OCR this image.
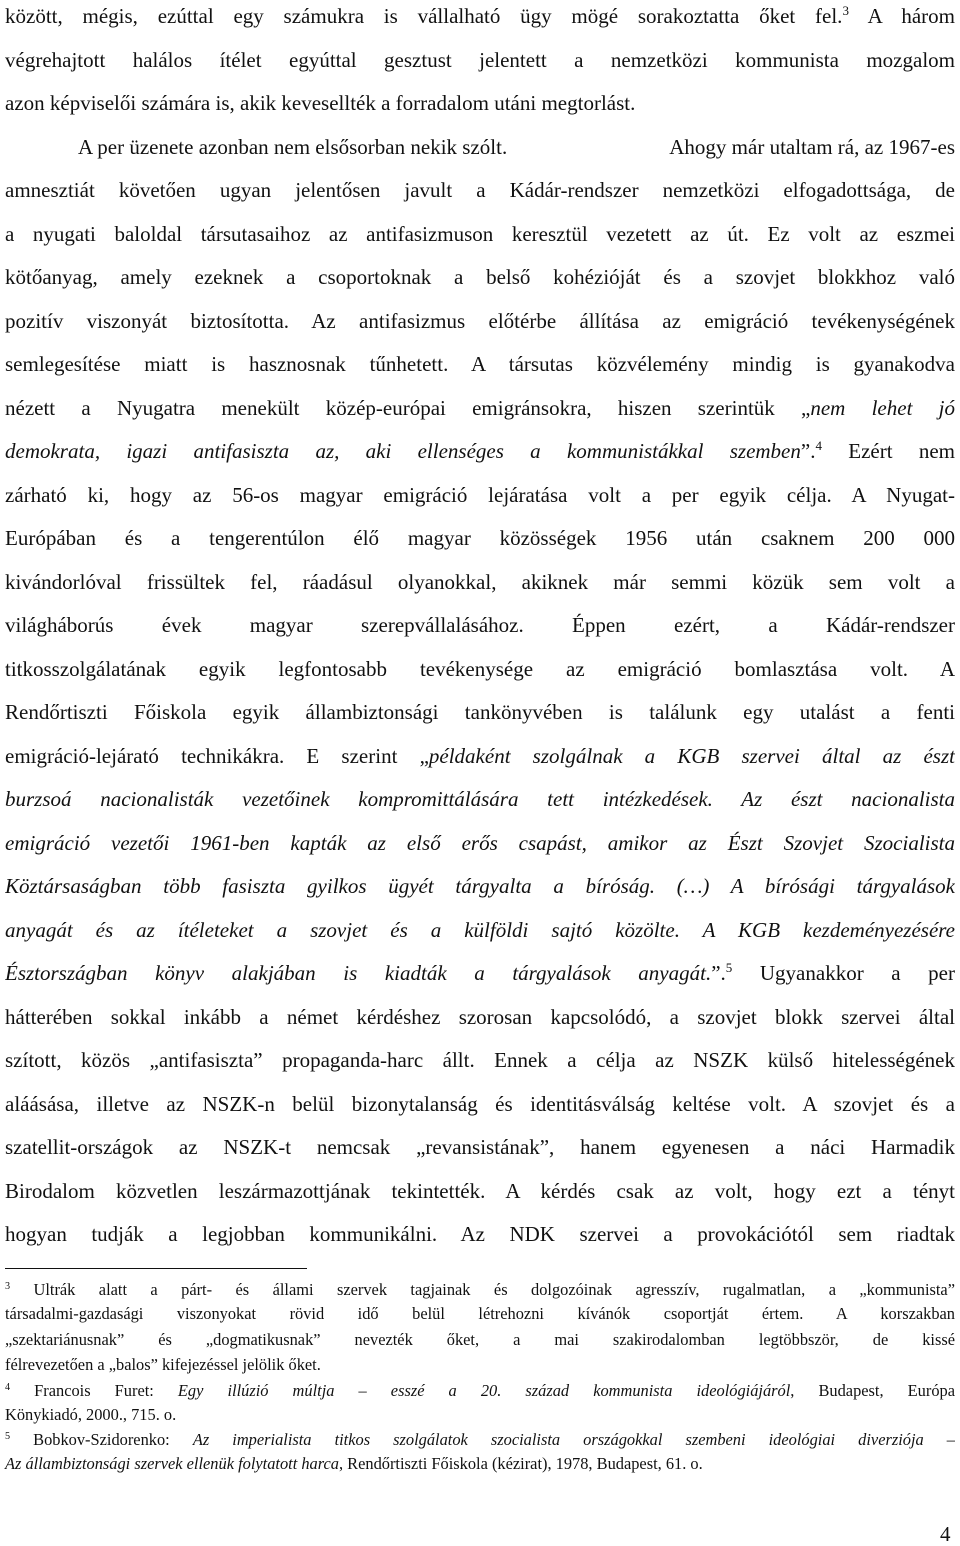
között, mégis, ezúttal egy számukra is vállalható ügy mögé sorakoztatta őket fel.$^3$ A három
végrehajtott halálos ítélet egyúttal gesztust jelentett a nemzetközi kommunista mozgalom
azon képviselői számára is, akik kevesellték a forradalom utáni megtorlást.
A per üzenete azonban nem elsősorban nekik szólt.	Ahogy már utaltam rá, az 1967-es
amnesztiát követően ugyan jelentősen javult a Kádár-rendszer nemzetközi elfogadottsága, de
a nyugati baloldal társutasaihoz az antifasizmuson keresztül vezetett az út. Ez volt az eszmei
kötőanyag, amely ezeknek a csoportoknak a belső kohézióját és a szovjet blokkhoz való
pozitív viszonyát biztosította. Az antifasizmus előtérbe állítása az emigráció tevékenységének
semlegesítése miatt is hasznosnak tűnhetett. A társutas közvélemény mindig is gyanakodva
nézett a Nyugatra menekült közép-európai emigránsokra, hiszen szerintük „nem lehet jó
demokrata, igazi antifasiszta az, aki ellenséges a kommunistákkal szemben”.$^4$ Ezért nem
zárható ki, hogy az 56-os magyar emigráció lejáratása volt a per egyik célja. A Nyugat-
Európában és a tengerentúlon élő magyar közösségek 1956 után csaknem 200 000
kivándorlóval frissültek fel, ráadásul olyanokkal, akiknek már semmi közük sem volt a
világháborús évek magyar szerepvállalásához. Éppen ezért, a Kádár-rendszer
titkosszolgálatának egyik legfontosabb tevékenysége az emigráció bomlasztása volt. A
Rendőrtiszti Főiskola egyik állambiztonsági tankönyvében is találunk egy utalást a fenti
emigráció-lejárató technikákra. E szerint „példaként szolgálnak a KGB szervei által az észt
burzsoá nacionalisták vezetőinek kompromittálására tett intézkedések. Az észt nacionalista
emigráció vezetői 1961-ben kapták az első erős csapást, amikor az Észt Szovjet Szocialista
Köztársaságban több fasiszta gyilkos ügyét tárgyalta a bíróság. (…) A bírósági tárgyalások
anyagát és az ítéleteket a szovjet és a külföldi sajtó közölte. A KGB kezdeményezésére
Észtországban könyv alakjában is kiadták a tárgyalások anyagát.”.$^5$ Ugyanakkor a per
hátterében sokkal inkább a német kérdéshez szorosan kapcsolódó, a szovjet blokk szervei által
szított, közös „antifasiszta” propaganda-harc állt. Ennek a célja az NSZK külső hitelességének
aláásása, illetve az NSZK-n belül bizonytalanság és identitásválság keltése volt. A szovjet és a
szatellit-országok az NSZK-t nemcsak „revansistának”, hanem egyenesen a náci Harmadik
Birodalom közvetlen leszármazottjának tekintették. A kérdés csak az volt, hogy ezt a tényt
hogyan tudják a legjobban kommunikálni. Az NDK szervei a provokációtól sem riadtak
$^3$ Ultrák alatt a párt- és állami szervek tagjainak és dolgozóinak agresszív, rugalmatlan, a „kommunista”
társadalmi-gazdasági viszonyokat rövid idő belül létrehozni kívánók csoportját értem. A korszakban
„szektariánusnak” és „dogmatikusnak” nevezték őket, a mai szakirodalomban legtöbbször, de kissé
félrevezetően a „balos” kifejezéssel jelölik őket.
$^4$ Francois Furet: Egy illúzió múltja – esszé a 20. század kommunista ideológiájáról, Budapest, Európa
Könykiadó, 2000., 715. o.
$^5$ Bobkov-Szidorenko: Az imperialista titkos szolgálatok szocialista országokkal szembeni ideológiai diverziója –
Az állambiztonsági szervek ellenük folytatott harca, Rendőrtiszti Főiskola (kézirat), 1978, Budapest, 61. o.
4
